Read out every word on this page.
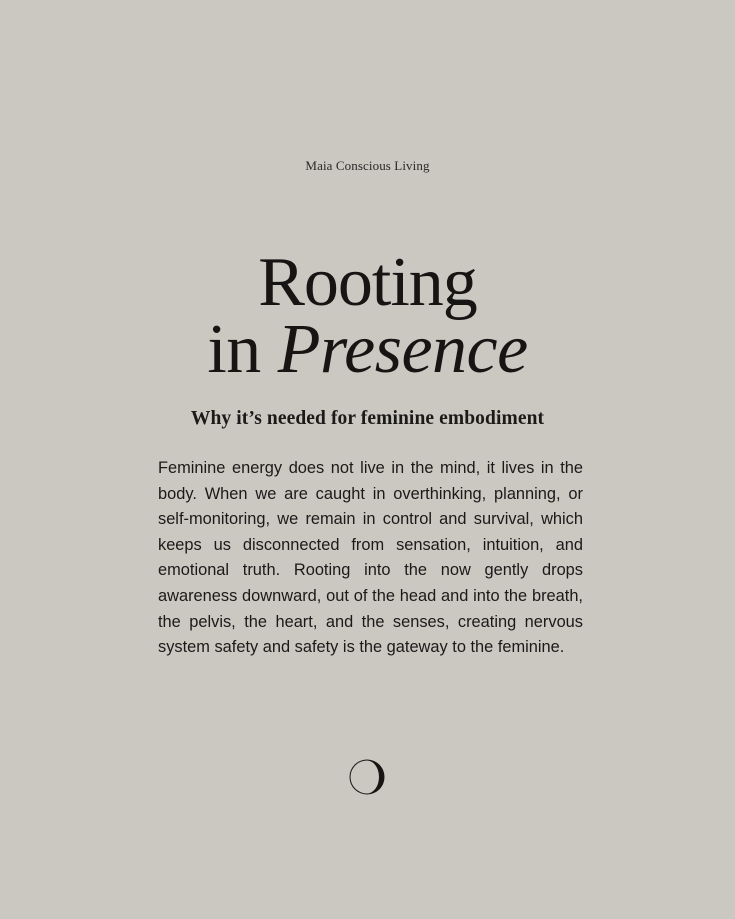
Maia Conscious Living
Rooting
in Presence
Why it’s needed for feminine embodiment

Feminine energy does not live in the mind, it lives in the body. When we are caught in overthinking, planning, or self-monitoring, we remain in control and survival, which keeps us disconnected from sensation, intuition, and emotional truth. Rooting into the now gently drops awareness downward, out of the head and into the breath, the pelvis, the heart, and the senses, creating nervous system safety and safety is the gateway to the feminine.
